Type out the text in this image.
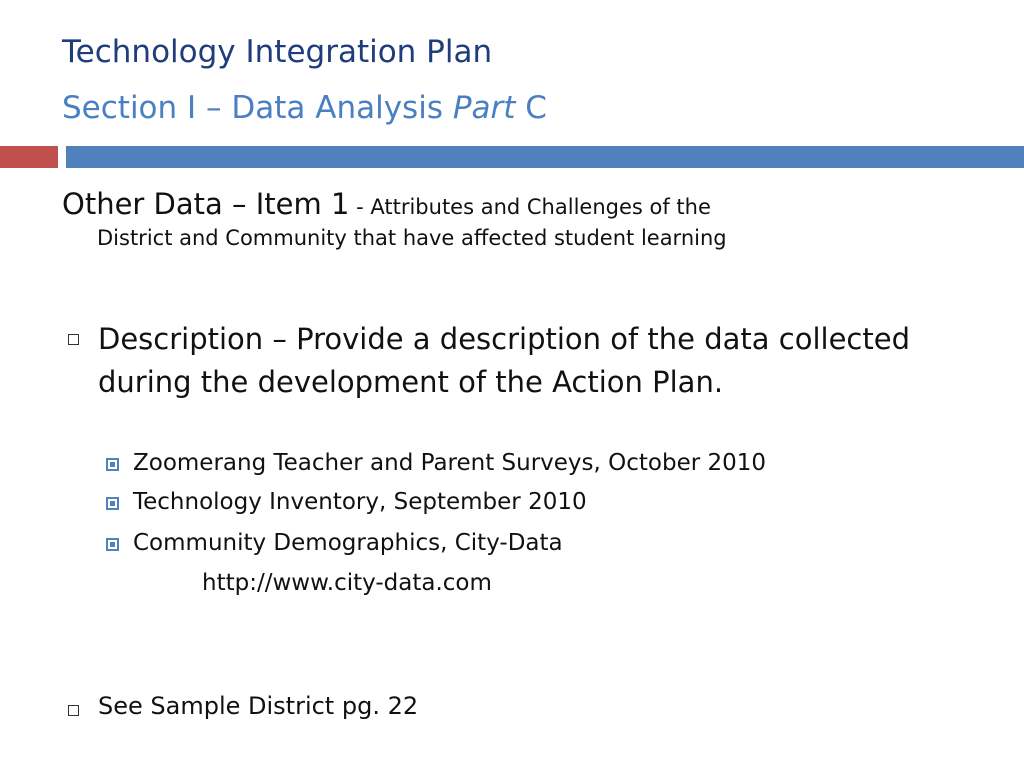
Technology Integration Plan
Section I – Data Analysis Part C
Other Data – Item 1 - Attributes and Challenges of the
District and Community that have affected student learning
Description – Provide a description of the data collected during the development of the Action Plan.
Zoomerang Teacher and Parent Surveys, October 2010
Technology Inventory, September 2010
Community Demographics, City-Data
http://www.city-data.com
See Sample District pg. 22
